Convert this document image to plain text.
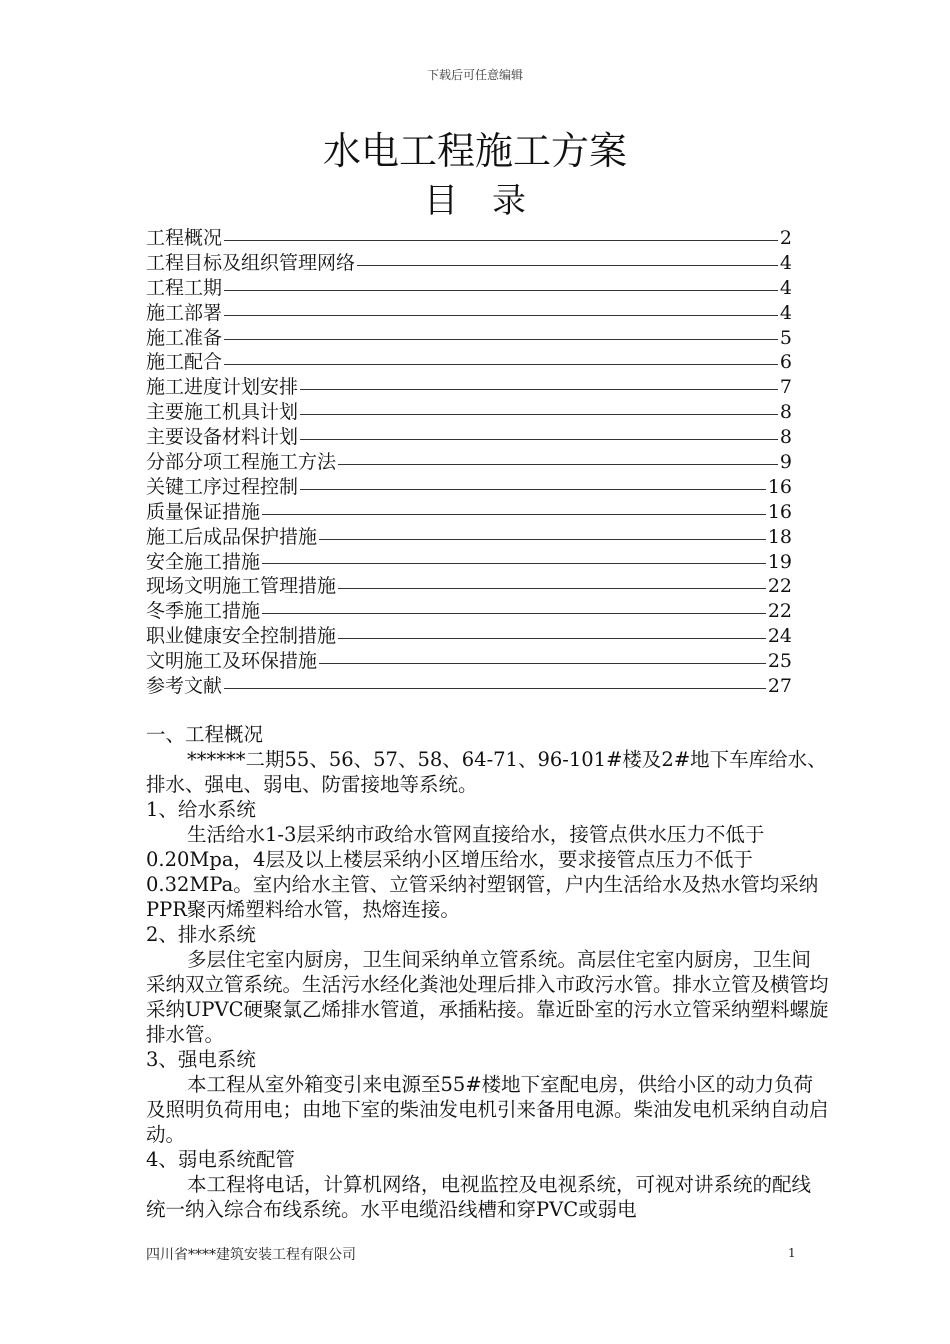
下载后可任意编辑
水电工程施工方案
目　录
工程概况	2
工程目标及组织管理网络	4
工程工期	4
施工部署	4
施工准备	5
施工配合	6
施工进度计划安排	7
主要施工机具计划	8
主要设备材料计划	8
分部分项工程施工方法	9
关键工序过程控制	16
质量保证措施	16
施工后成品保护措施	18
安全施工措施	19
现场文明施工管理措施	22
冬季施工措施	22
职业健康安全控制措施	24
文明施工及环保措施	25
参考文献	27

一、工程概况

******二期55、56、57、58、64-71、96-101#楼及2#地下车库给水、排水、强电、弱电、防雷接地等系统。

1、给水系统

生活给水1-3层采纳市政给水管网直接给水，接管点供水压力不低于0.20Mpa，4层及以上楼层采纳小区增压给水，要求接管点压力不低于0.32MPa。室内给水主管、立管采纳衬塑钢管，户内生活给水及热水管均采纳PPR聚丙烯塑料给水管，热熔连接。

2、排水系统

多层住宅室内厨房，卫生间采纳单立管系统。高层住宅室内厨房，卫生间采纳双立管系统。生活污水经化粪池处理后排入市政污水管。排水立管及横管均采纳UPVC硬聚氯乙烯排水管道，承插粘接。靠近卧室的污水立管采纳塑料螺旋排水管。

3、强电系统

本工程从室外箱变引来电源至55#楼地下室配电房，供给小区的动力负荷及照明负荷用电；由地下室的柴油发电机引来备用电源。柴油发电机采纳自动启动。

4、弱电系统配管

本工程将电话，计算机网络，电视监控及电视系统，可视对讲系统的配线统一纳入综合布线系统。水平电缆沿线槽和穿PVC或弱电

四川省****建筑安装工程有限公司	1
